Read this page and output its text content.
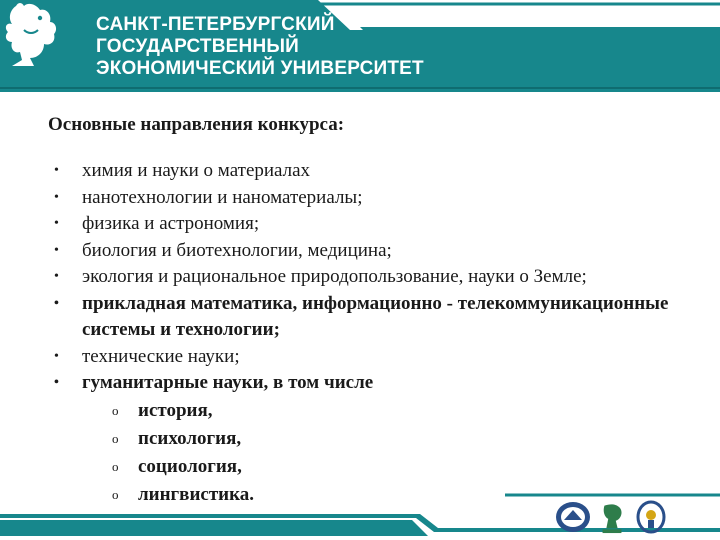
САНКТ-ПЕТЕРБУРГСКИЙ
ГОСУДАРСТВЕННЫЙ
ЭКОНОМИЧЕСКИЙ УНИВЕРСИТЕТ
Основные направления конкурса:
•	химия и науки о материалах
•	нанотехнологии и наноматериалы;
•	физика и астрономия;
•	биология и биотехнологии, медицина;
•	экология и рациональное природопользование, науки о Земле;
•	прикладная математика, информационно - телекоммуникационные системы и технологии;
•	технические науки;
•	гуманитарные науки, в том числе
o история,
o психология,
o социология,
o лингвистика.
